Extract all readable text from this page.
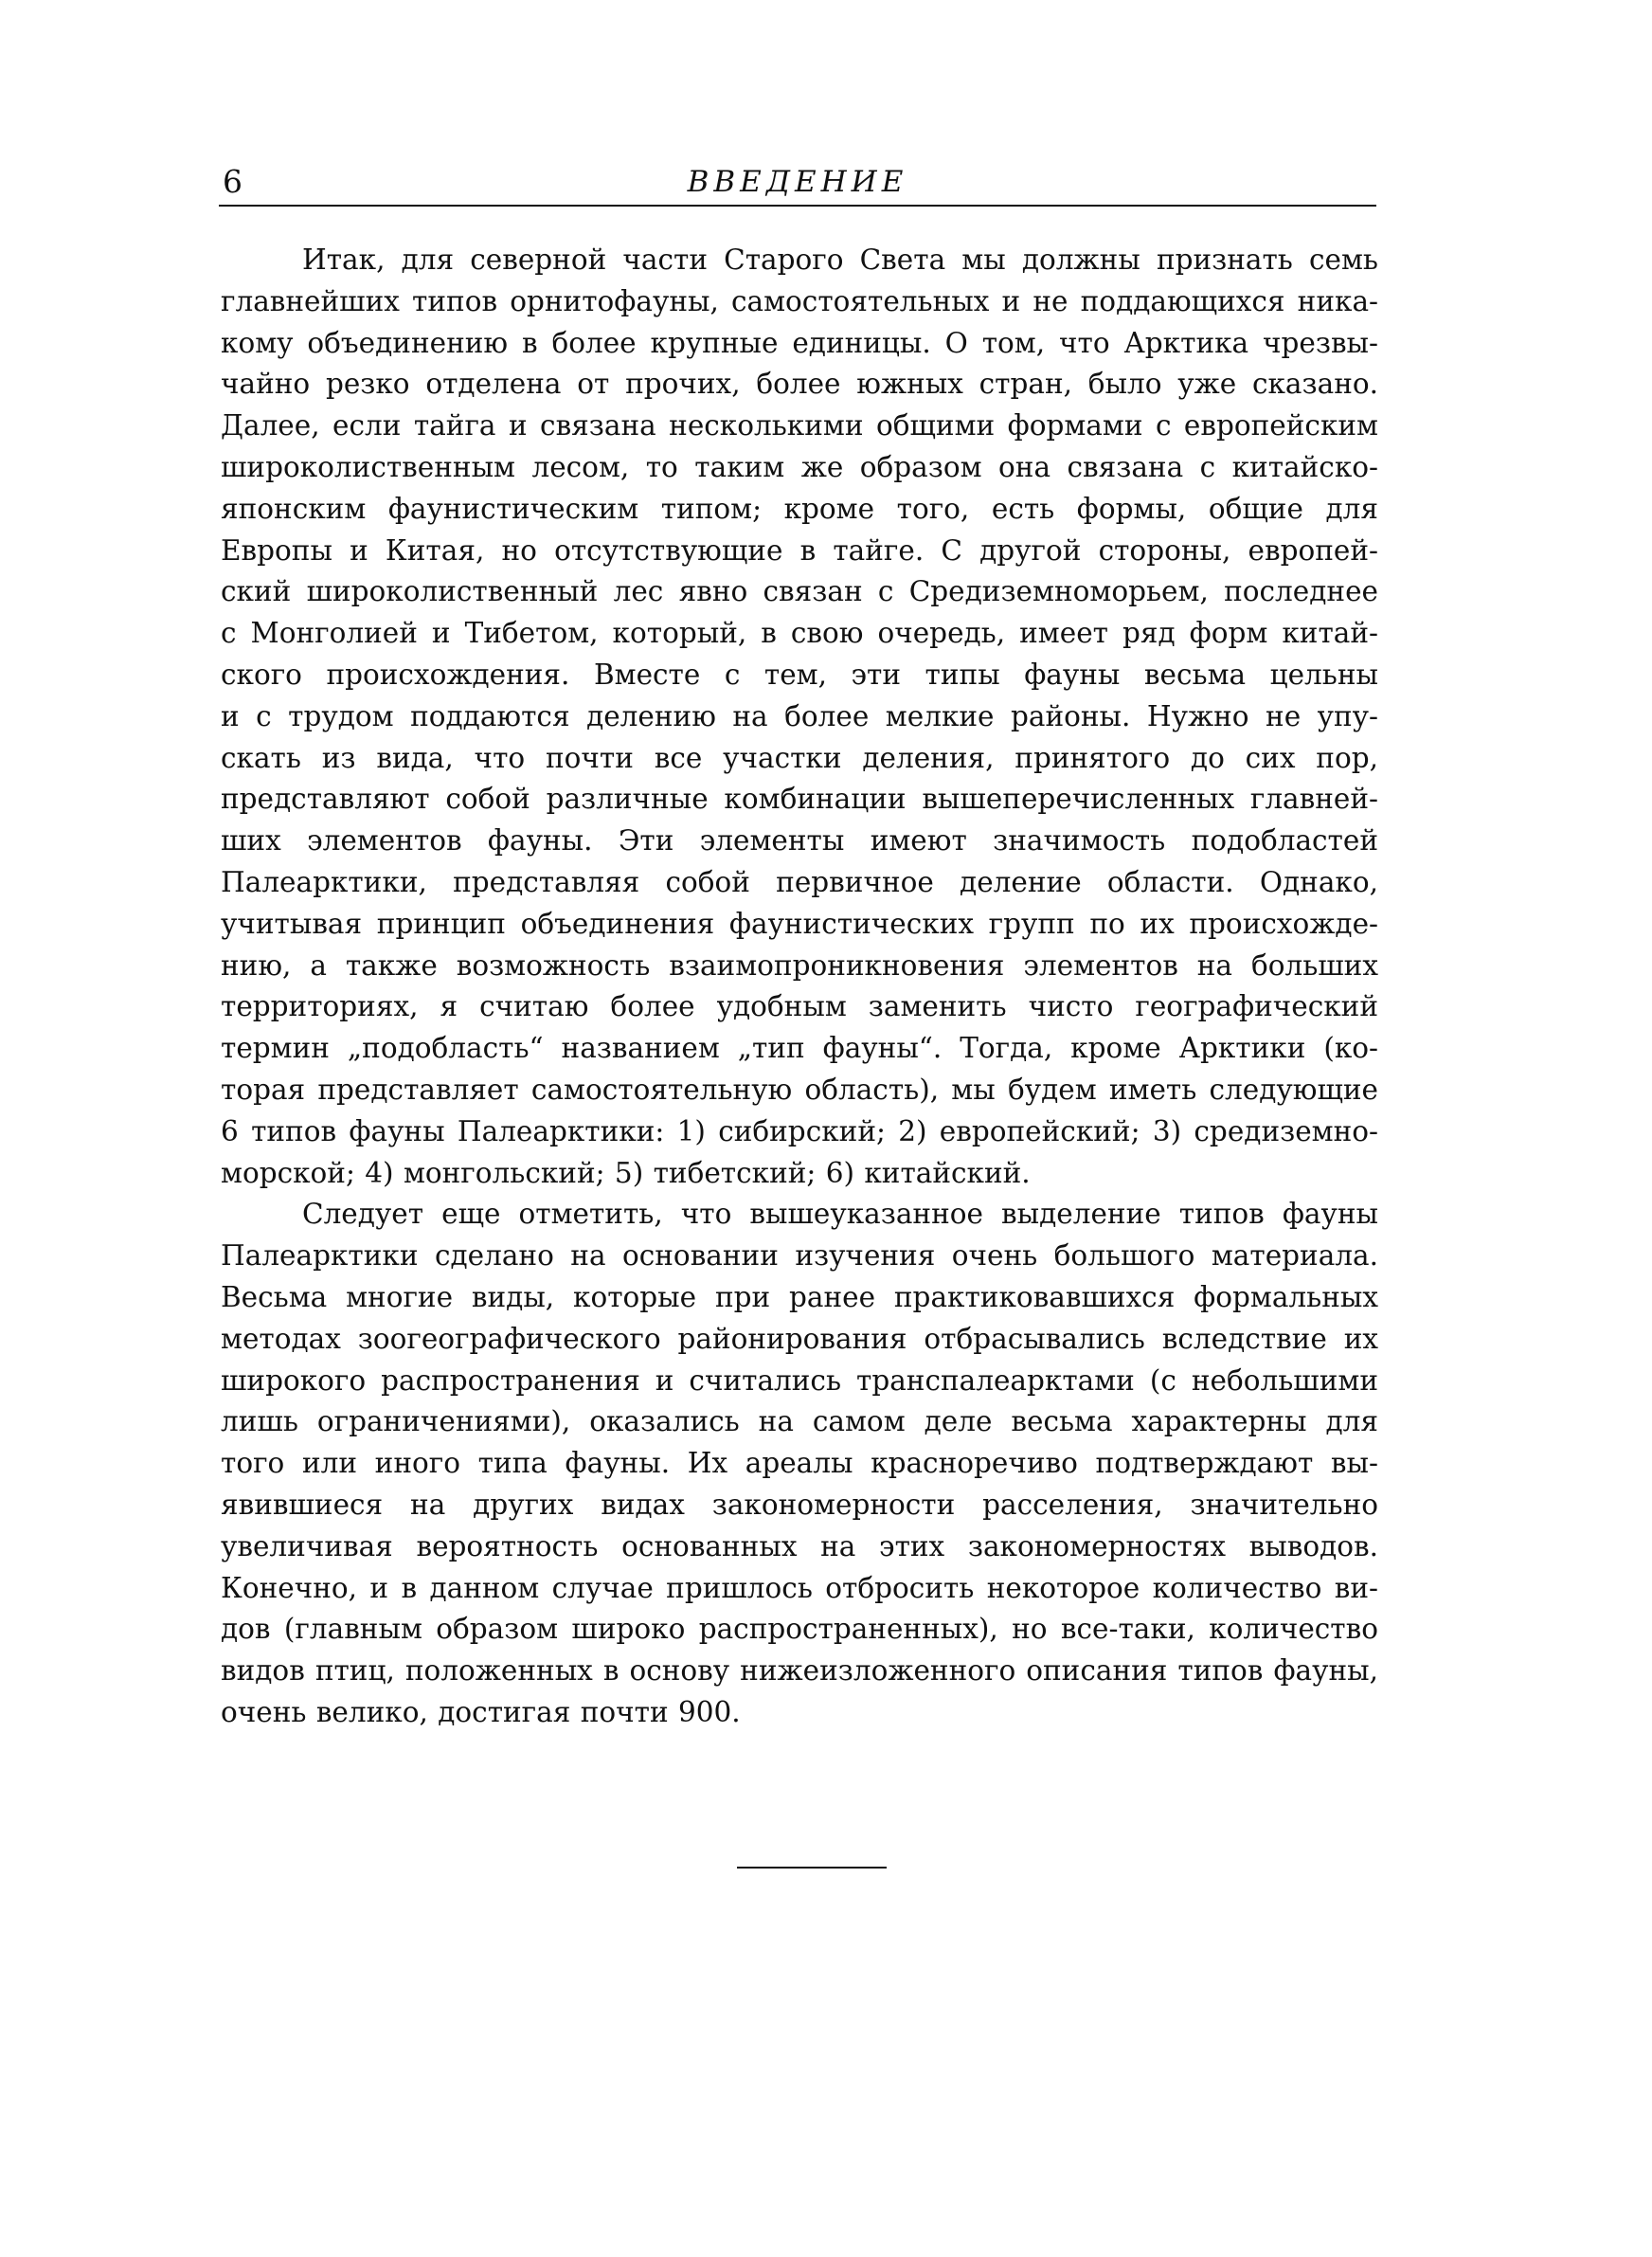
6	ВВЕДЕНИЕ

Итак, для северной части Старого Света мы должны признать семь
главнейших типов орнитофауны, самостоятельных и не поддающихся ника-
кому объединению в более крупные единицы. О том, что Арктика чрезвы-
чайно резко отделена от прочих, более южных стран, было уже сказано.
Далее, если тайга и связана несколькими общими формами с европейским
широколиственным лесом, то таким же образом она связана с китайско-
японским фаунистическим типом; кроме того, есть формы, общие для
Европы и Китая, но отсутствующие в тайге. С другой стороны, европей-
ский широколиственный лес явно связан с Средиземноморьем, последнее
с Монголией и Тибетом, который, в свою очередь, имеет ряд форм китай-
ского происхождения. Вместе с тем, эти типы фауны весьма цельны
и с трудом поддаются делению на более мелкие районы. Нужно не упу-
скать из вида, что почти все участки деления, принятого до сих пор,
представляют собой различные комбинации вышеперечисленных главней-
ших элементов фауны. Эти элементы имеют значимость подобластей
Палеарктики, представляя собой первичное деление области. Однако,
учитывая принцип объединения фаунистических групп по их происхожде-
нию, а также возможность взаимопроникновения элементов на больших
территориях, я считаю более удобным заменить чисто географический
термин „подобласть“ названием „тип фауны“. Тогда, кроме Арктики (ко-
торая представляет самостоятельную область), мы будем иметь следующие
6 типов фауны Палеарктики: 1) сибирский; 2) европейский; 3) средиземно-
морской; 4) монгольский; 5) тибетский; 6) китайский.

Следует еще отметить, что вышеуказанное выделение типов фауны
Палеарктики сделано на основании изучения очень большого материала.
Весьма многие виды, которые при ранее практиковавшихся формальных
методах зоогеографического районирования отбрасывались вследствие их
широкого распространения и считались транспалеарктами (с небольшими
лишь ограничениями), оказались на самом деле весьма характерны для
того или иного типа фауны. Их ареалы красноречиво подтверждают вы-
явившиеся на других видах закономерности расселения, значительно
увеличивая вероятность основанных на этих закономерностях выводов.
Конечно, и в данном случае пришлось отбросить некоторое количество ви-
дов (главным образом широко распространенных), но все-таки, количество
видов птиц, положенных в основу нижеизложенного описания типов фауны,
очень велико, достигая почти 900.
